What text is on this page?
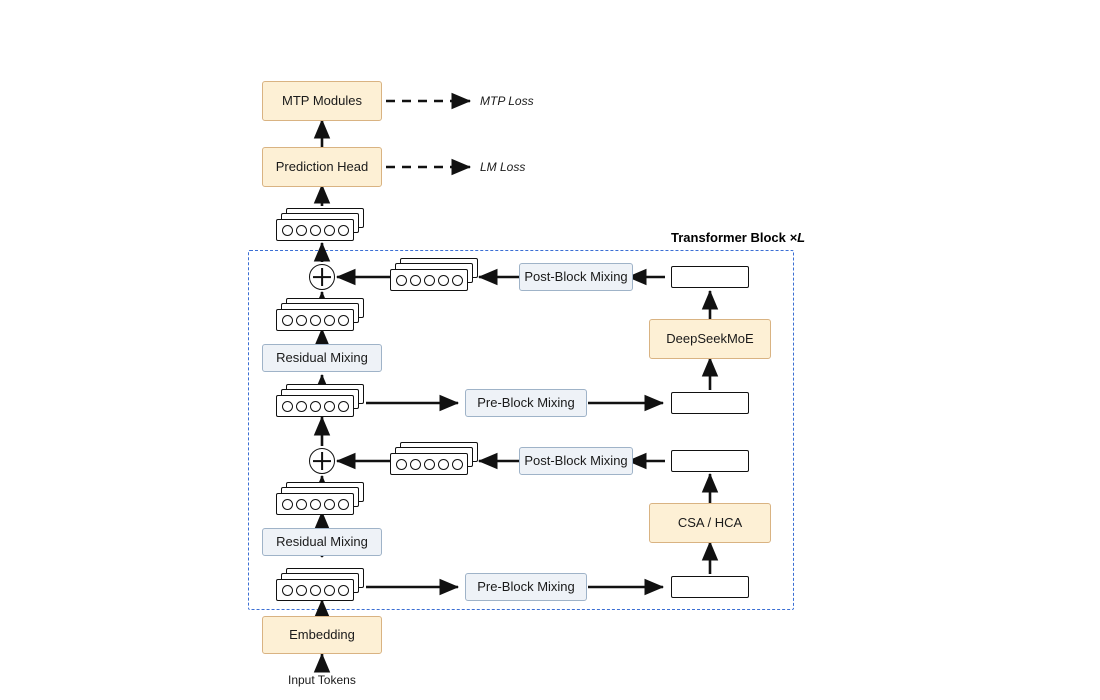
Transformer Block ×L
MTP Modules	MTP Loss
Prediction Head	LM Loss
Post-Block Mixing
DeepSeekMoE
Residual Mixing
Pre-Block Mixing
Post-Block Mixing
CSA / HCA
Residual Mixing
Pre-Block Mixing
Embedding
Input Tokens
